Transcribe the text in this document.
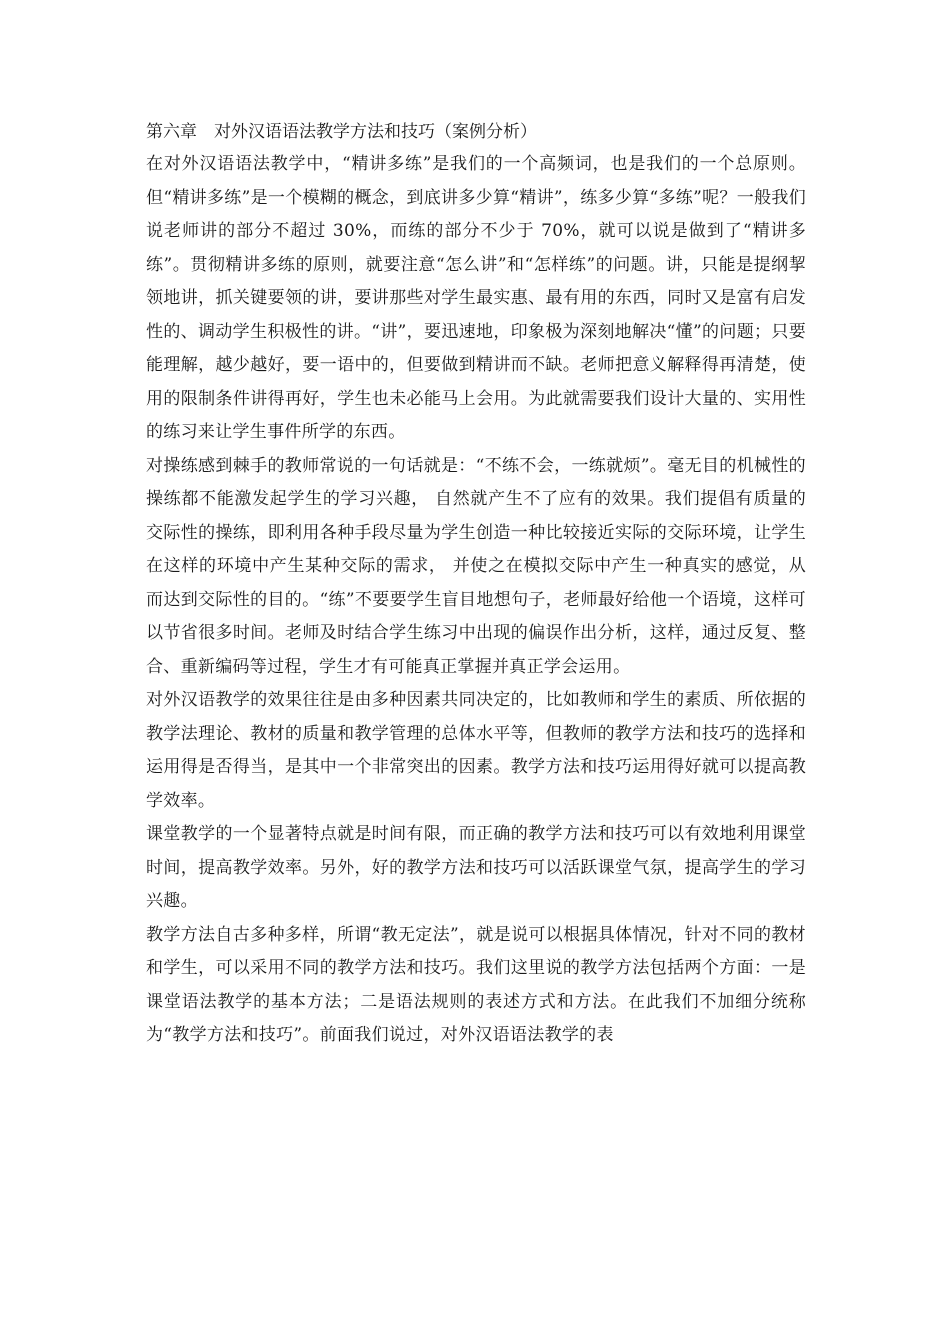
第六章　对外汉语语法教学方法和技巧（案例分析）

在对外汉语语法教学中，“精讲多练”是我们的一个高频词，也是我们的一个总原则。但“精讲多练”是一个模糊的概念，到底讲多少算“精讲”，练多少算“多练”呢？一般我们说老师讲的部分不超过 30%，而练的部分不少于 70%，就可以说是做到了“精讲多练”。贯彻精讲多练的原则，就要注意“怎么讲”和“怎样练”的问题。讲，只能是提纲挈领地讲，抓关键要领的讲，要讲那些对学生最实惠、最有用的东西，同时又是富有启发性的、调动学生积极性的讲。“讲”，要迅速地，印象极为深刻地解决“懂”的问题；只要能理解，越少越好，要一语中的，但要做到精讲而不缺。老师把意义解释得再清楚，使用的限制条件讲得再好，学生也未必能马上会用。为此就需要我们设计大量的、实用性的练习来让学生事件所学的东西。

对操练感到棘手的教师常说的一句话就是：“不练不会，一练就烦”。毫无目的机械性的操练都不能激发起学生的学习兴趣， 自然就产生不了应有的效果。我们提倡有质量的交际性的操练，即利用各种手段尽量为学生创造一种比较接近实际的交际环境，让学生在这样的环境中产生某种交际的需求， 并使之在模拟交际中产生一种真实的感觉，从而达到交际性的目的。“练”不要要学生盲目地想句子，老师最好给他一个语境，这样可以节省很多时间。老师及时结合学生练习中出现的偏误作出分析，这样，通过反复、整合、重新编码等过程，学生才有可能真正掌握并真正学会运用。

对外汉语教学的效果往往是由多种因素共同决定的，比如教师和学生的素质、所依据的教学法理论、教材的质量和教学管理的总体水平等，但教师的教学方法和技巧的选择和运用得是否得当，是其中一个非常突出的因素。教学方法和技巧运用得好就可以提高教学效率。

课堂教学的一个显著特点就是时间有限，而正确的教学方法和技巧可以有效地利用课堂时间，提高教学效率。另外，好的教学方法和技巧可以活跃课堂气氛，提高学生的学习兴趣。

教学方法自古多种多样，所谓“教无定法”，就是说可以根据具体情况，针对不同的教材和学生，可以采用不同的教学方法和技巧。我们这里说的教学方法包括两个方面：一是课堂语法教学的基本方法；二是语法规则的表述方式和方法。在此我们不加细分统称为“教学方法和技巧”。前面我们说过，对外汉语语法教学的表
